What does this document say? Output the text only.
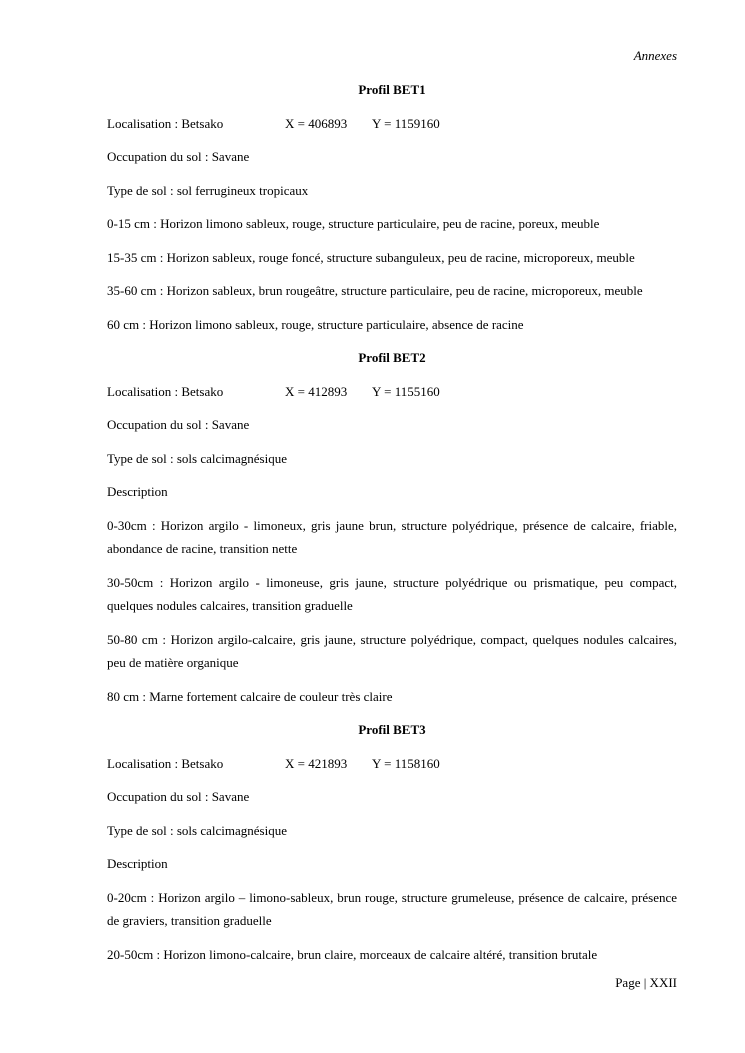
Annexes
Profil BET1

Localisation : Betsako	X = 406893 Y = 1159160

Occupation du sol : Savane

Type de sol : sol ferrugineux tropicaux

0-15 cm : Horizon limono sableux, rouge, structure particulaire, peu de racine, poreux, meuble

15-35 cm : Horizon sableux, rouge foncé, structure subanguleux, peu de racine, microporeux, meuble

35-60 cm : Horizon sableux, brun rougeâtre, structure particulaire, peu de racine, microporeux, meuble

60 cm : Horizon limono sableux, rouge, structure particulaire, absence de racine

Profil BET2

Localisation : Betsako	X = 412893 Y = 1155160

Occupation du sol : Savane

Type de sol : sols calcimagnésique

Description

0-30cm : Horizon argilo - limoneux, gris jaune brun, structure polyédrique, présence de calcaire, friable, abondance de racine, transition nette

30-50cm : Horizon argilo - limoneuse, gris jaune, structure polyédrique ou prismatique, peu compact, quelques nodules calcaires, transition graduelle

50-80 cm : Horizon argilo-calcaire, gris jaune, structure polyédrique, compact, quelques nodules calcaires, peu de matière organique

80 cm : Marne fortement calcaire de couleur très claire

Profil BET3

Localisation : Betsako	X = 421893 Y = 1158160

Occupation du sol : Savane

Type de sol : sols calcimagnésique

Description

0-20cm : Horizon argilo – limono-sableux, brun rouge, structure grumeleuse, présence de calcaire, présence de graviers, transition graduelle

20-50cm : Horizon limono-calcaire, brun claire, morceaux de calcaire altéré, transition brutale

Page | XXII
